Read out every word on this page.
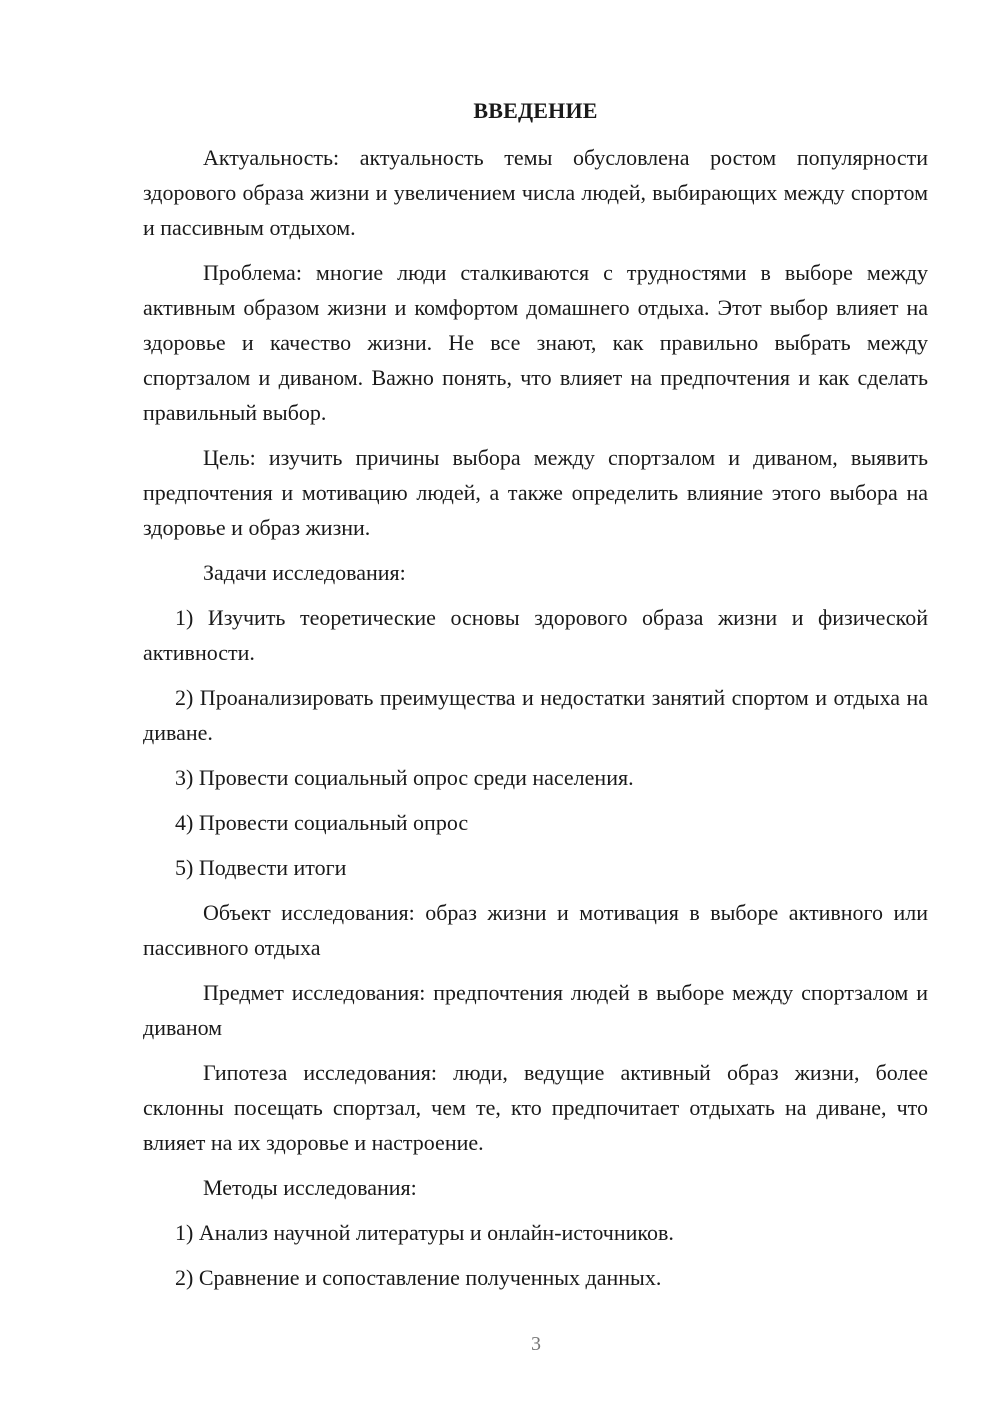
ВВЕДЕНИЕ

Актуальность: актуальность темы обусловлена ростом популярности здорового образа жизни и увеличением числа людей, выбирающих между спортом и пассивным отдыхом.

Проблема: многие люди сталкиваются с трудностями в выборе между активным образом жизни и комфортом домашнего отдыха. Этот выбор влияет на здоровье и качество жизни. Не все знают, как правильно выбрать между спортзалом и диваном. Важно понять, что влияет на предпочтения и как сделать правильный выбор.

Цель: изучить причины выбора между спортзалом и диваном, выявить предпочтения и мотивацию людей, а также определить влияние этого выбора на здоровье и образ жизни.

Задачи исследования:

1) Изучить теоретические основы здорового образа жизни и физической активности.

2) Проанализировать преимущества и недостатки занятий спортом и отдыха на диване.

3) Провести социальный опрос среди населения.

4) Провести социальный опрос

5) Подвести итоги

Объект исследования: образ жизни и мотивация в выборе активного или пассивного отдыха

Предмет исследования: предпочтения людей в выборе между спортзалом и диваном

Гипотеза исследования: люди, ведущие активный образ жизни, более склонны посещать спортзал, чем те, кто предпочитает отдыхать на диване, что влияет на их здоровье и настроение.

Методы исследования:

1) Анализ научной литературы и онлайн-источников.

2) Сравнение и сопоставление полученных данных.

3
